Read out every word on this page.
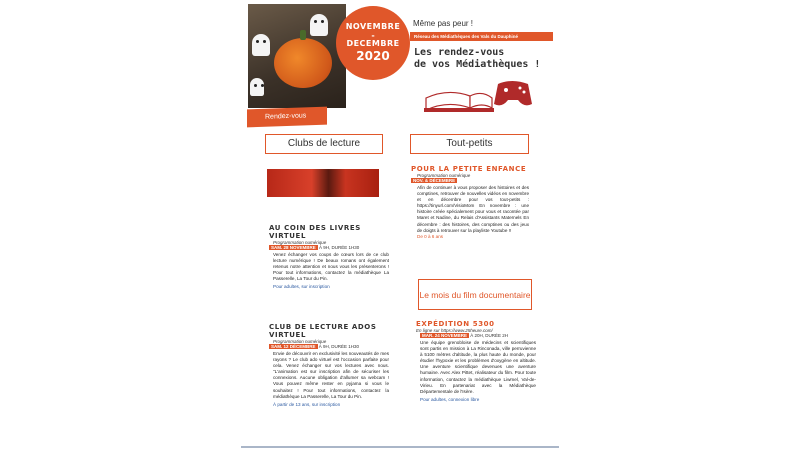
NOVEMBRE
-
DECEMBRE
2020
Même pas peur !
Réseau des Médiathèques des Vals du Dauphiné
Les rendez-vous
de vos Médiathèques !
Rendez-vous réguliers
Clubs de lecture	Tout-petits
POUR LA PETITE ENFANCE
Programmation numérique
NOV. & DÉCEMBRE
Afin de continuer à vous proposer des histoires et des comptines, retrouver de nouvelles vidéos en novembre et en décembre pour vos tout-petits : https://tinyurl.com/VisioMom En novembre : une histoire créée spécialement pour vous et racontée par Maret et Nadine, du Relais d'Assistants Maternels En décembre : des histoires, des comptines ou des jeux de doigts à retrouver sur la playliste Youtube !!
De 0 à 6 ans
AU COIN DES LIVRES VIRTUEL
Programmation numérique
SAM. 28 NOVEMBRE À 9H, DURÉE 1H30
Venez échanger vos coups de cœurs lors de ce club lecture numérique ! De beaux romans ont également retenus notre attention et nous vous les présenterons ! Pour tout informations, contactez la médiathèque La Passerelle, La Tour du Pin.
Pour adultes, sur inscription
Le mois du film documentaire
CLUB DE LECTURE ADOS VIRTUEL
Programmation numérique
SAM. 12 DÉCEMBRE À 9H, DURÉE 1H30
Envie de découvrir en exclusivité les nouveautés de mes rayons ? Le club ado virtuel est l'occasion parfaite pour cela. Venez échanger sur vos lectures avec nous. "L'animation est sur inscription afin de sécuriser les connexions. Aucune obligation d'allumer sa webcam ! Vous pouvez même rester en pyjama si vous le souhaitez ! Pour tout informations, contactez la médiathèque La Passerelle, La Tour du Pin.
À partir de 13 ans, sur inscription
EXPÉDITION 5300
En ligne sur https://www.25heure.com/
MAR. 24 NOVEMBRE À 20H, DURÉE 2H
Une équipe grenobloise de médecins et scientifiques sont partis en mission à La Rinconada, ville perruvienne à 5100 mètres d'altitude, la plus haute du monde, pour étudier l'hypoxie et les problèmes d'oxygène en altitude. Une aventure scientifique devenues une aventure humaine. Avec Alex Pittet, réalisateur du film. Pour toute information, contactez la médiathèque Liwmel, Val-de-Virieu. En partenariat avec la Médiathèque Départementale de l'Isère.
Pour adultes, connexion libre
